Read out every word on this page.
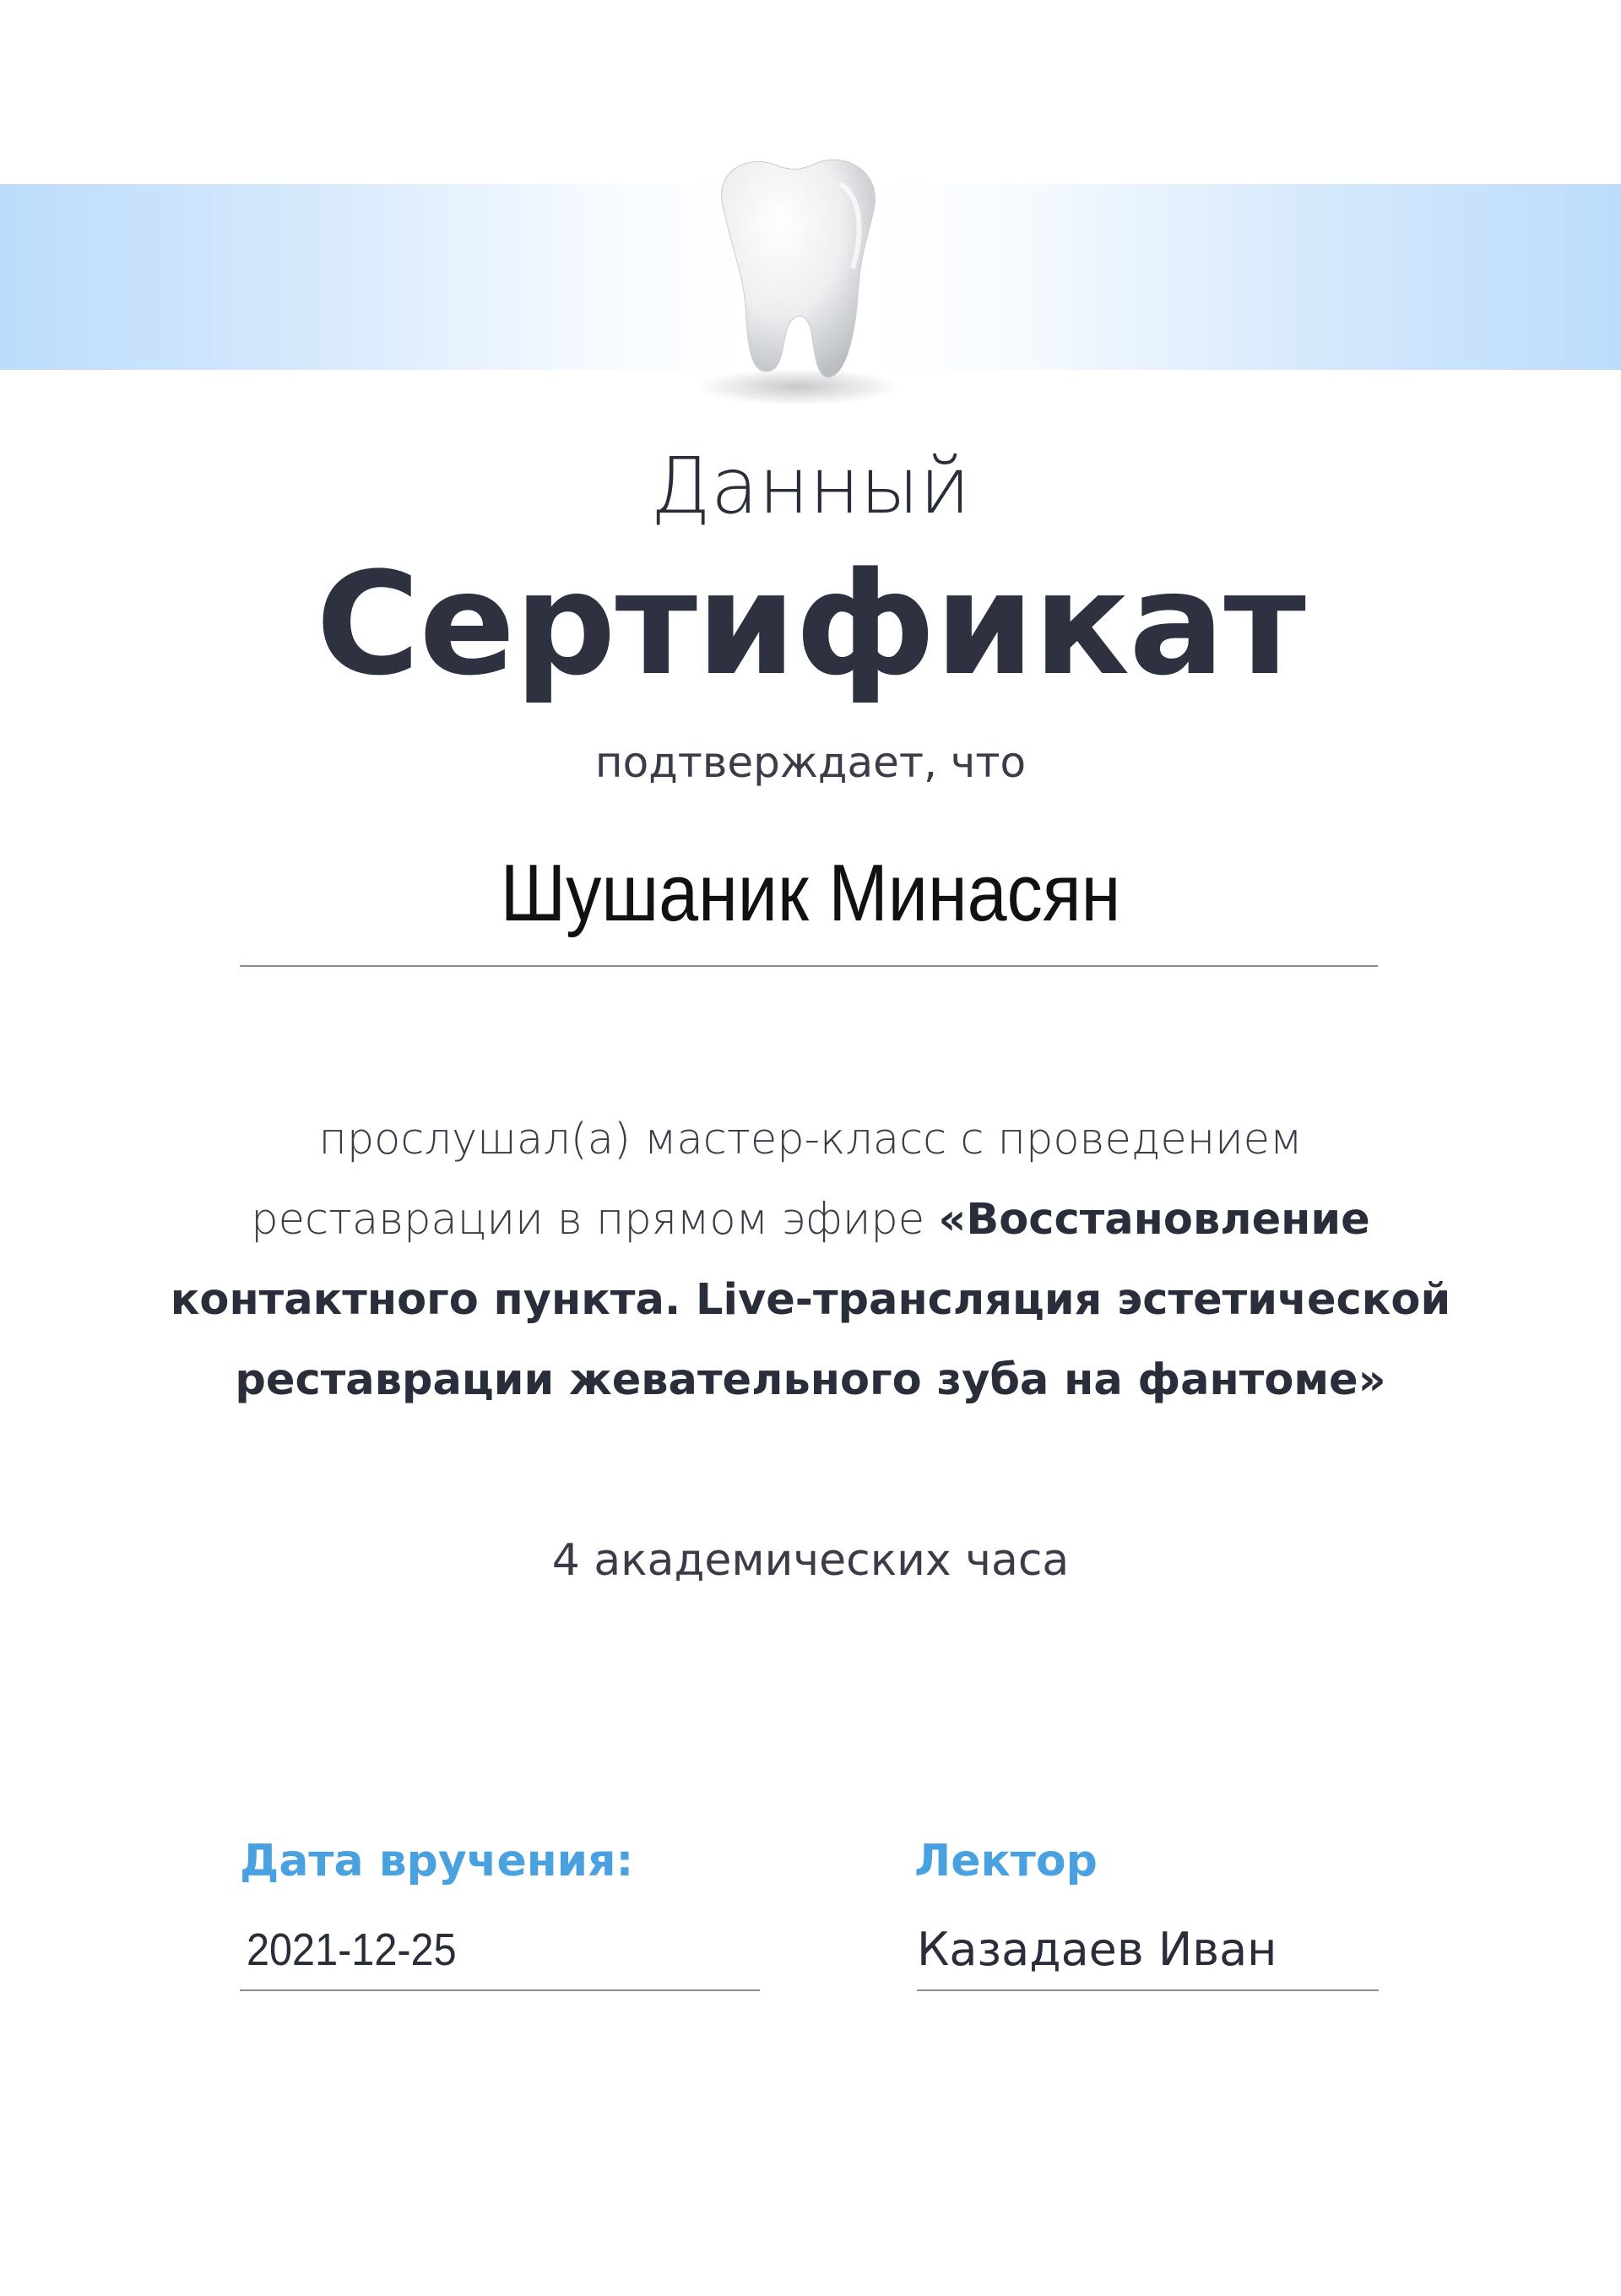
Данный
Сертификат
подтверждает, что
Шушаник Минасян
прослушал(а) мастер-класс с проведением
реставрации в прямом эфире «Восстановление
контактного пункта. Live-трансляция эстетической
реставрации жевательного зуба на фантоме»
4 академических часа
Дата вручения:
2021-12-25
Лектор
Казадаев Иван
